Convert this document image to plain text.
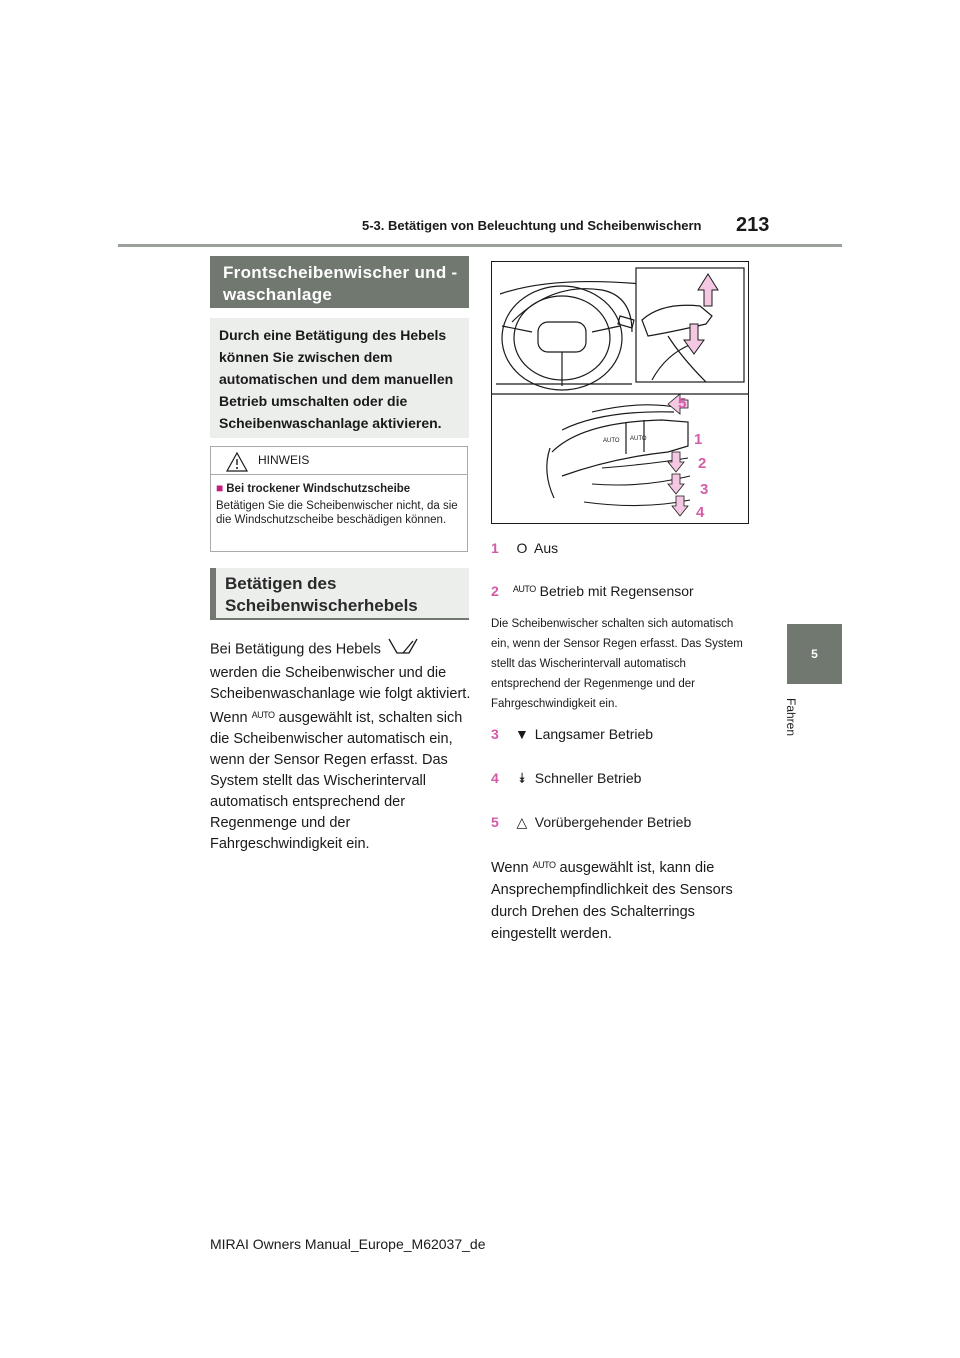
5-3. Betätigen von Beleuchtung und Scheibenwischern 213
5
Fahren
Frontscheibenwischer und -waschanlage
Durch eine Betätigung des Hebels können Sie zwischen dem automatischen und dem manuellen Betrieb umschalten oder die Scheibenwaschanlage aktivieren.
HINWEIS
■ Bei trockener Windschutzscheibe
Betätigen Sie die Scheibenwischer nicht, da sie die Windschutzscheibe beschädigen können.
Betätigen des Scheibenwischerhebels

Bei Betätigung des Hebels  werden die Scheibenwischer und die Scheibenwaschanlage wie folgt aktiviert. Wenn $^{AUTO}$ ausgewählt ist, schalten sich die Scheibenwischer automatisch ein, wenn der Sensor Regen erfasst. Das System stellt das Wischerintervall automatisch entsprechend der Regenmenge und der Fahrgeschwindigkeit ein.

AUTO AUTO
5
1
2
3
4
1 O Aus
2 $^{AUTO}$ Betrieb mit Regensensor
Die Scheibenwischer schalten sich automatisch ein, wenn der Sensor Regen erfasst. Das System stellt das Wischerintervall automatisch entsprechend der Regenmenge und der Fahrgeschwindigkeit ein.
3 ▼ Langsamer Betrieb
4 ⯯ Schneller Betrieb
5 △ Vorübergehender Betrieb
Wenn $^{AUTO}$ ausgewählt ist, kann die Ansprechempfindlichkeit des Sensors durch Drehen des Schalterrings eingestellt werden.
MIRAI Owners Manual_Europe_M62037_de
